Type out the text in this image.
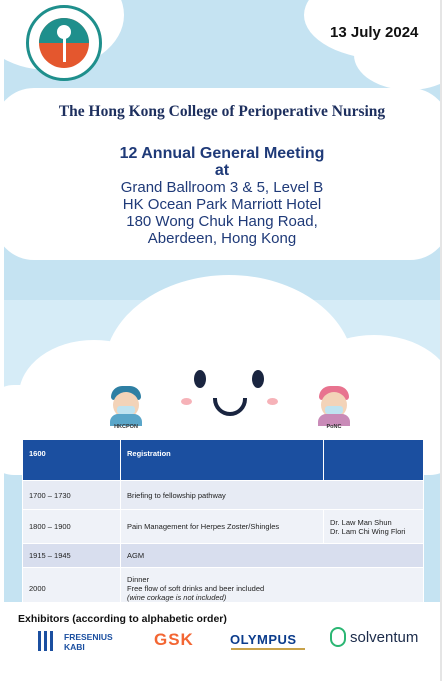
13 July 2024
The Hong Kong College of Perioperative Nursing
12 Annual General Meeting
at
Grand Ballroom 3 & 5, Level B
HK Ocean Park Marriott Hotel
180 Wong Chuk Hang Road,
Aberdeen, Hong Kong
HKCPON	PoNC
1600	Registration	
1700 – 1730	Briefing to fellowship pathway	
1800 – 1900	Pain Management for Herpes Zoster/Shingles	Dr. Law Man Shun
Dr. Lam Chi Wing Flori

1915 – 1945	AGM	
2000	Dinner
Free flow of soft drinks and beer included
(wine corkage is not included)	
Exhibitors (according to alphabetic order)
FRESENIUS
KABI	GSK	OLYMPUS	solventum
